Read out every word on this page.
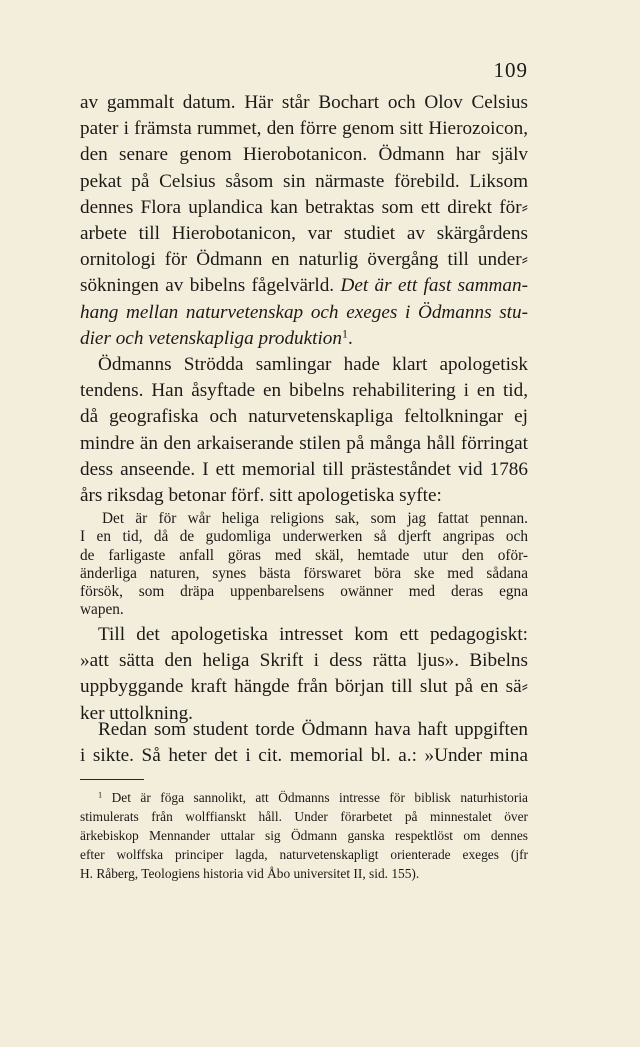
109
av gammalt datum. Här står Bochart och Olov Celsius
pater i främsta rummet, den förre genom sitt Hierozoicon,
den senare genom Hierobotanicon. Ödmann har själv
pekat på Celsius såsom sin närmaste förebild. Liksom
dennes Flora uplandica kan betraktas som ett direkt för⸗
arbete till Hierobotanicon, var studiet av skärgårdens
ornitologi för Ödmann en naturlig övergång till under⸗
sökningen av bibelns fågelvärld. Det är ett fast samman-
hang mellan naturvetenskap och exeges i Ödmanns stu-
dier och vetenskapliga produktion$^1$.
Ödmanns Strödda samlingar hade klart apologetisk
tendens. Han åsyftade en bibelns rehabilitering i en tid,
då geografiska och naturvetenskapliga feltolkningar ej
mindre än den arkaiserande stilen på många håll förringat
dess anseende. I ett memorial till prästeståndet vid 1786
års riksdag betonar förf. sitt apologetiska syfte:
Det är för wår heliga religions sak, som jag fattat pennan.
I en tid, då de gudomliga underwerken så djerft angripas och
de farligaste anfall göras med skäl, hemtade utur den oför-
änderliga naturen, synes bästa förswaret böra ske med sådana
försök, som dräpa uppenbarelsens owänner med deras egna
wapen.
Till det apologetiska intresset kom ett pedagogiskt:
»att sätta den heliga Skrift i dess rätta ljus». Bibelns
uppbyggande kraft hängde från början till slut på en sä⸗
ker uttolkning.
Redan som student torde Ödmann hava haft uppgiften
i sikte. Så heter det i cit. memorial bl. a.: »Under mina
$^1$ Det är föga sannolikt, att Ödmanns intresse för biblisk naturhistoria
stimulerats från wolffianskt håll. Under förarbetet på minnestalet över
ärkebiskop Mennander uttalar sig Ödmann ganska respektlöst om dennes
efter wolffska principer lagda, naturvetenskapligt orienterade exeges (jfr
H. Råberg, Teologiens historia vid Åbo universitet II, sid. 155).
